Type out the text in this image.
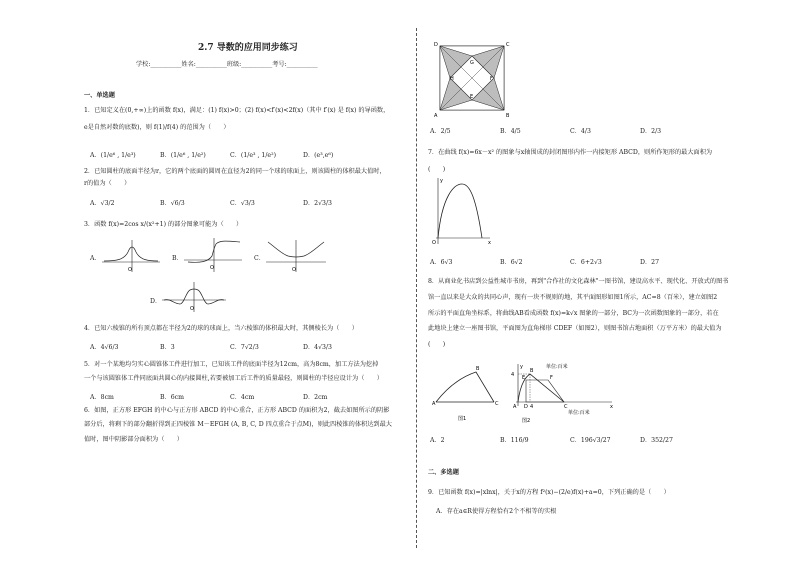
2.7 导数的应用同步练习
学校:__________姓名:__________班级:__________考号:__________
一、单选题
1．已知定义在(0,+∞)上的函数 f(x)，满足：(1) f(x)>0；(2) f(x)<f′(x)<2f(x)（其中 f′(x) 是 f(x) 的导函数，
e是自然对数的底数)，则 f(1)/f(4) 的范围为（　　）
A．(1/e⁶ , 1/e³)	B．(1/e⁶ , 1/e²)	C．(1/e³ , 1/e²)	D．(e³,e⁶)
2．已知圆柱的底面半径为r，它的两个底面的圆周在直径为2的同一个球的球面上，则该圆柱的体积最大值时，
r的值为（　　）
A．√3/2	B．√6/3	C．√3/3	D．2√3/3
3．函数 f(x)=2cos x/(x²+1) 的部分图象可能为（　　）
A．
O
B．
O
C．
O
D．
O
4．已知六棱锥的所有顶点都在半径为2的球的球面上，当六棱锥的体积最大时，其侧棱长为（　　）
A．4√6/3	B．3	C．7√2/3	D．4√3/3
5．对一个某地均匀实心圆锥体工件进行加工，已知该工件的底面半径为12cm，高为8cm，加工方法为挖掉
一个与该圆锥体工件同底面共圆心的内接圆柱,若要被加工后工件的质量最轻，则圆柱的半径应设计为（　　）
A．8cm	B．6cm	C．4cm	D．2cm
6．如图，正方形 EFGH 的中心与正方形 ABCD 的中心重合，正方形 ABCD 的面积为2，截去如图所示的阴影
部分后，将剩下的部分翻折得到正四棱锥 M－EFGH (A, B, C, D 四点重合于点M)，则此四棱锥的体积达到最大
值时，图中阴影部分面积为（　　）
D	C
A	B
G
F
H
E
A．2/5	B．4/5	C．4/3	D．2/3
7．在曲线 f(x)=6x－x² 的图象与x轴围成的封闭图形内作一内接矩形 ABCD，则所作矩形的最大面积为
(　　)
O	x
y
A．6√3	B．6√2	C．6+2√3	D．27
8．从商业化书店到公益性城市书房，再到"合作社的文化森林"一图书馆，建设高水平、现代化、开放式的图书
馆一直以来是大众的共同心声，现有一块不规则的地，其平面图形如图1所示，AC=8（百米），建立如图2
所示的平面直角坐标系，将曲线AB看成函数 f(x)=k√x 图象的一部分，BC为一次函数图象的一部分，若在
此地块上建立一座图书馆，平面图为直角梯形 CDEF（如图2），则图书馆占地面积（万平方米）的最大值为
(　　)
B
A	C
图1
y	单位:百米
4
B
E	F
A D	C	x
4
单位:百米
图2
A．2	B．116/9	C．196√3/27	D．352/27
二、多选题
9．已知函数 f(x)=|xlnx|，关于x的方程 f²(x)−(2/e)f(x)+a=0，下列正确的是（　　）
A．存在a∈R使得方程恰有2个不相等的实根
